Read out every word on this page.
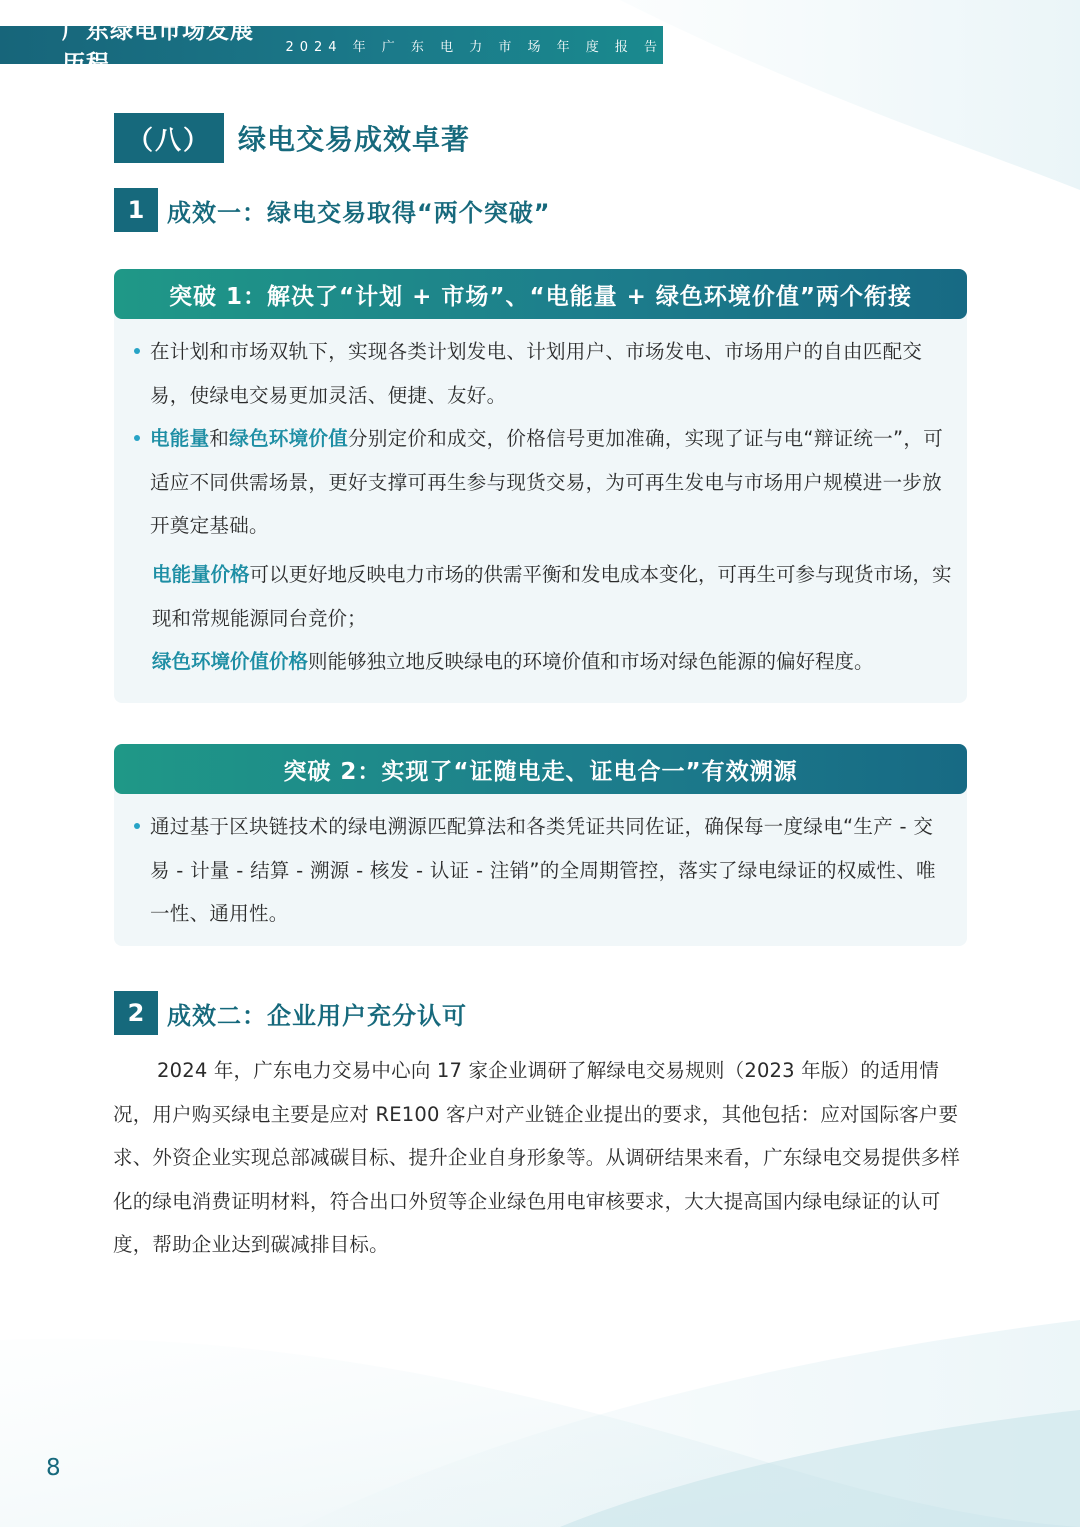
广东绿电市场发展历程
2024 年 广 东 电 力 市 场 年 度 报 告
（八） 绿电交易成效卓著
1 成效一：绿电交易取得“两个突破”
突破 1：解决了“计划 + 市场”、“电能量 + 绿色环境价值”两个衔接
在计划和市场双轨下，实现各类计划发电、计划用户、市场发电、市场用户的自由匹配交易，使绿电交易更加灵活、便捷、友好。
电能量和绿色环境价值分别定价和成交，价格信号更加准确，实现了证与电“辩证统一”，可适应不同供需场景，更好支撑可再生参与现货交易，为可再生发电与市场用户规模进一步放开奠定基础。
电能量价格可以更好地反映电力市场的供需平衡和发电成本变化，可再生可参与现货市场，实现和常规能源同台竞价；
绿色环境价值价格则能够独立地反映绿电的环境价值和市场对绿色能源的偏好程度。
突破 2：实现了“证随电走、证电合一”有效溯源
通过基于区块链技术的绿电溯源匹配算法和各类凭证共同佐证，确保每一度绿电“生产 - 交易 - 计量 - 结算 - 溯源 - 核发 - 认证 - 注销”的全周期管控，落实了绿电绿证的权威性、唯一性、通用性。
2 成效二：企业用户充分认可
2024 年，广东电力交易中心向 17 家企业调研了解绿电交易规则（2023 年版）的适用情况，用户购买绿电主要是应对 RE100 客户对产业链企业提出的要求，其他包括：应对国际客户要求、外资企业实现总部减碳目标、提升企业自身形象等。从调研结果来看，广东绿电交易提供多样化的绿电消费证明材料，符合出口外贸等企业绿色用电审核要求，大大提高国内绿电绿证的认可度，帮助企业达到碳减排目标。
8
